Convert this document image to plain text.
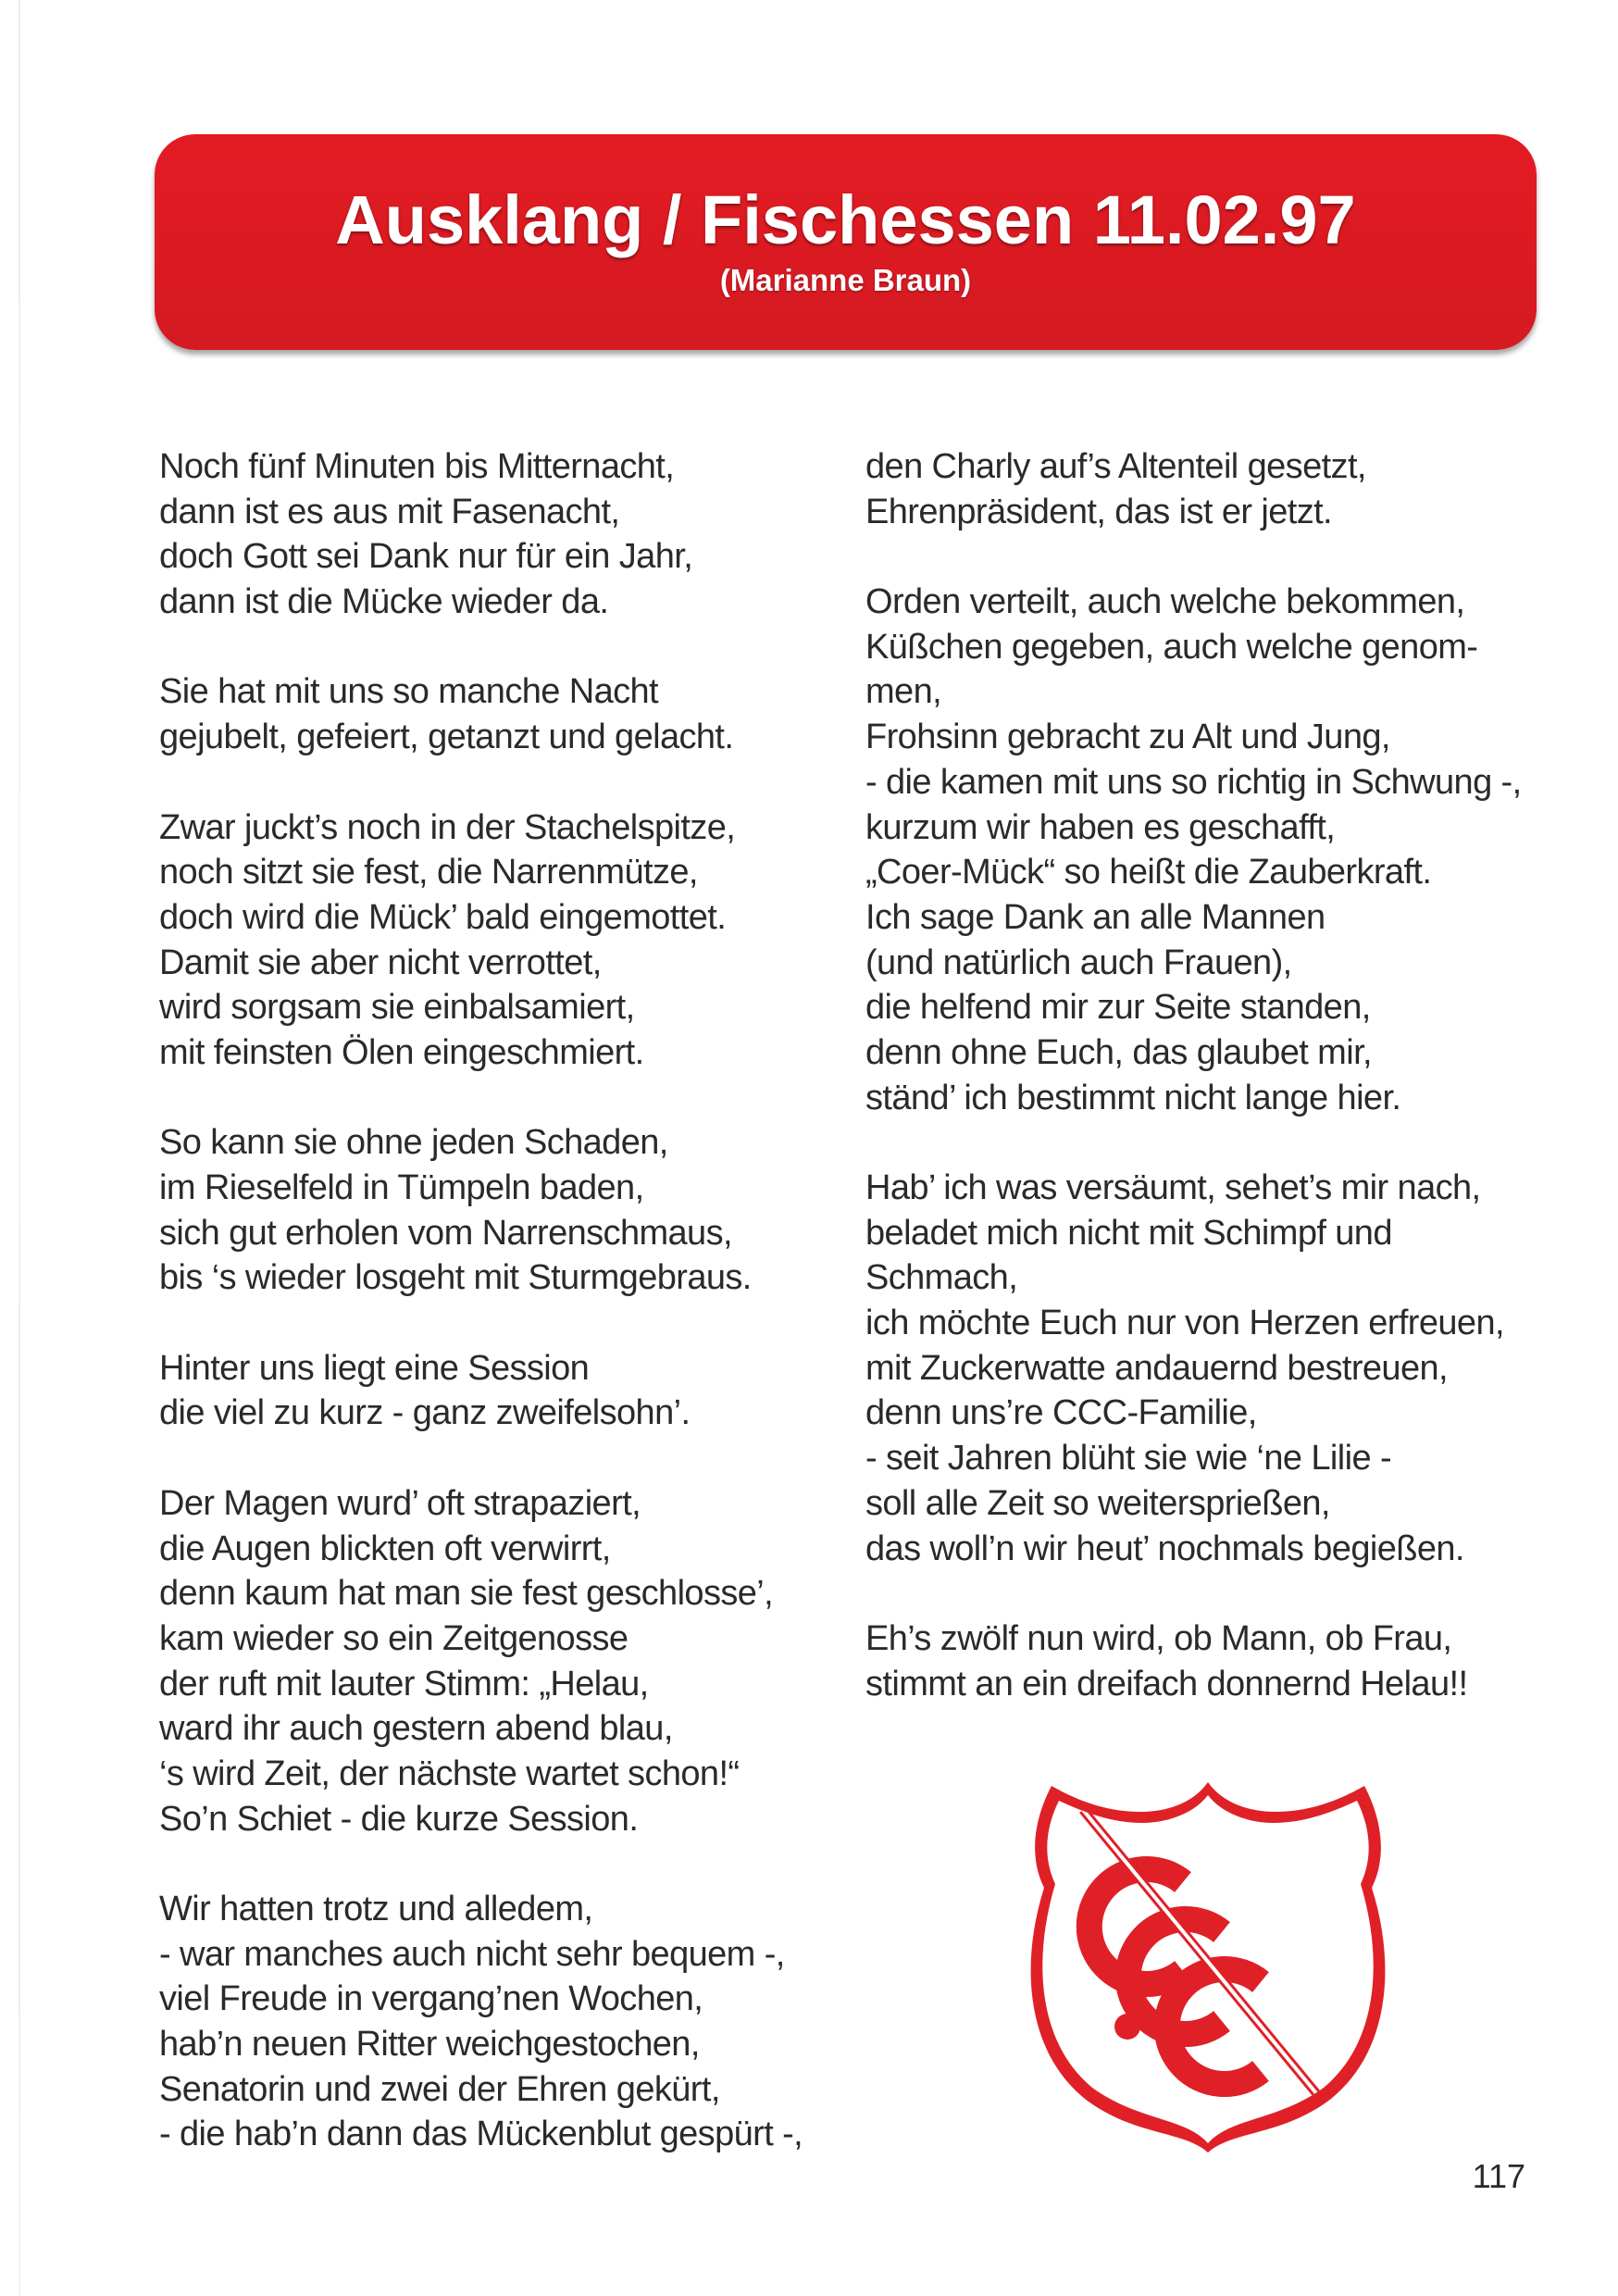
Ausklang / Fischessen 11.02.97
(Marianne Braun)
Noch fünf Minuten bis Mitternacht,
dann ist es aus mit Fasenacht,
doch Gott sei Dank nur für ein Jahr,
dann ist die Mücke wieder da.
Sie hat mit uns so manche Nacht
gejubelt, gefeiert, getanzt und gelacht.
Zwar juckt’s noch in der Stachelspitze,
noch sitzt sie fest, die Narrenmütze,
doch wird die Mück’ bald eingemottet.
Damit sie aber nicht verrottet,
wird sorgsam sie einbalsamiert,
mit feinsten Ölen eingeschmiert.
So kann sie ohne jeden Schaden,
im Rieselfeld in Tümpeln baden,
sich gut erholen vom Narrenschmaus,
bis ‘s wieder losgeht mit Sturmgebraus.
Hinter uns liegt eine Session
die viel zu kurz - ganz zweifelsohn’.
Der Magen wurd’ oft strapaziert,
die Augen blickten oft verwirrt,
denn kaum hat man sie fest geschlosse’,
kam wieder so ein Zeitgenosse
der ruft mit lauter Stimm: „Helau,
ward ihr auch gestern abend blau,
‘s wird Zeit, der nächste wartet schon!“
So’n Schiet - die kurze Session.
Wir hatten trotz und alledem,
- war manches auch nicht sehr bequem -,
viel Freude in vergang’nen Wochen,
hab’n neuen Ritter weichgestochen,
Senatorin und zwei der Ehren gekürt,
- die hab’n dann das Mückenblut gespürt -,
den Charly auf’s Altenteil gesetzt,
Ehrenpräsident, das ist er jetzt.
Orden verteilt, auch welche bekommen,
Küßchen gegeben, auch welche genom-
men,
Frohsinn gebracht zu Alt und Jung,
- die kamen mit uns so richtig in Schwung -,
kurzum wir haben es geschafft,
„Coer-Mück“ so heißt die Zauberkraft.
Ich sage Dank an alle Mannen
(und natürlich auch Frauen),
die helfend mir zur Seite standen,
denn ohne Euch, das glaubet mir,
ständ’ ich bestimmt nicht lange hier.
Hab’ ich was versäumt, sehet’s mir nach,
beladet mich nicht mit Schimpf und
Schmach,
ich möchte Euch nur von Herzen erfreuen,
mit Zuckerwatte andauernd bestreuen,
denn uns’re CCC-Familie,
- seit Jahren blüht sie wie ‘ne Lilie -
soll alle Zeit so weitersprießen,
das woll’n wir heut’ nochmals begießen.
Eh’s zwölf nun wird, ob Mann, ob Frau,
stimmt an ein dreifach donnernd Helau!!
117
